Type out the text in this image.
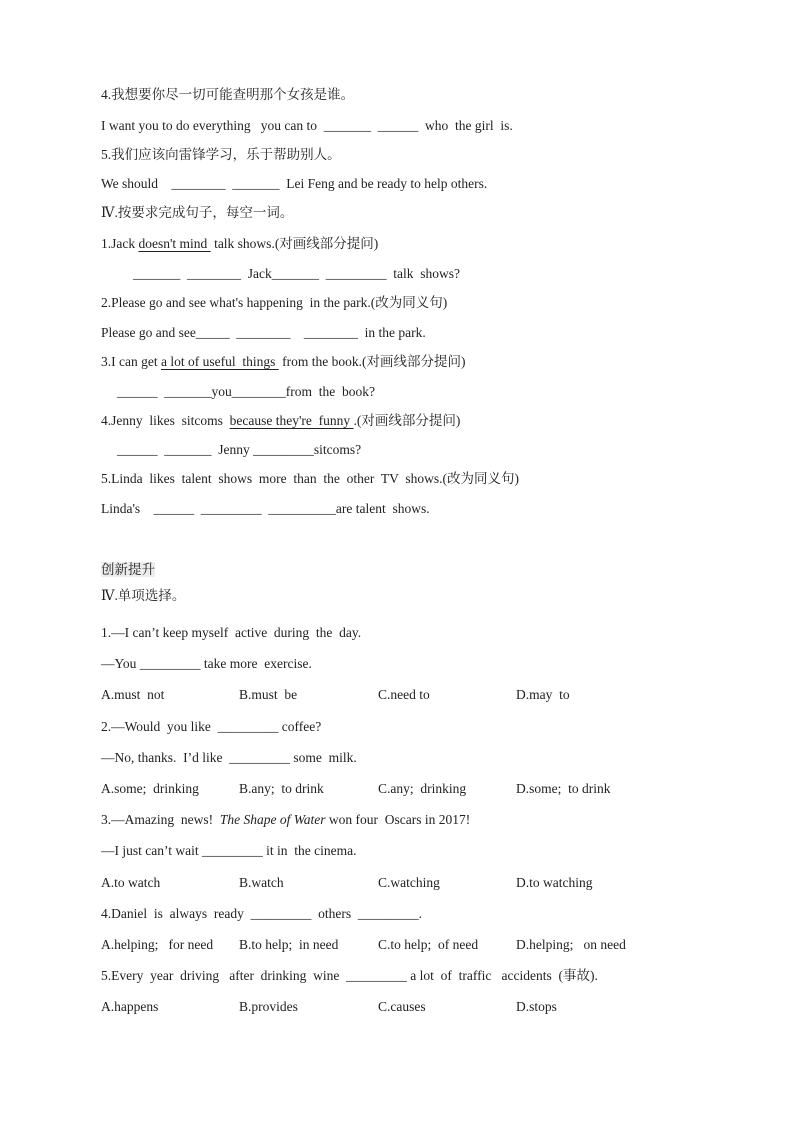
4.我想要你尽一切可能查明那个女孩是谁。
I want you to do everything   you can to  _______  ______  who  the girl  is.
5.我们应该向雷锋学习，乐于帮助别人。
We should    ________  _______  Lei Feng and be ready to help others.
Ⅳ.按要求完成句子，每空一词。
1.Jack doesn't mind  talk shows.(对画线部分提问)
_______  ________  Jack_______  _________  talk  shows?
2.Please go and see what's happening  in the park.(改为同义句)
Please go and see_____  ________    ________  in the park.
3.I can get a lot of useful  things  from the book.(对画线部分提问)
______  _______you________from  the  book?
4.Jenny  likes  sitcoms  because they're  funny .(对画线部分提问)
______  _______  Jenny _________sitcoms?
5.Linda  likes  talent  shows  more  than  the  other  TV  shows.(改为同义句)
Linda's    ______  _________  __________are talent  shows.
创新提升
Ⅳ.单项选择。
1.—I can’t keep myself  active  during  the  day.
—You _________ take more  exercise.
A.must  not	B.must  be	C.need to	D.may  to
2.—Would  you like  _________ coffee?
—No, thanks.  I’d like  _________ some  milk.
A.some;  drinking	B.any;  to drink	C.any;  drinking	D.some;  to drink
3.—Amazing  news!  The Shape of Water won four  Oscars in 2017!
—I just can’t wait _________ it in  the cinema.
A.to watch	B.watch	C.watching	D.to watching
4.Daniel  is  always  ready  _________  others  _________.
A.helping;   for need B.to help;  in need	C.to help;  of need	D.helping;   on need
5.Every  year  driving   after  drinking  wine  _________ a lot  of  traffic   accidents  (事故).
A.happens	B.provides	C.causes	D.stops
